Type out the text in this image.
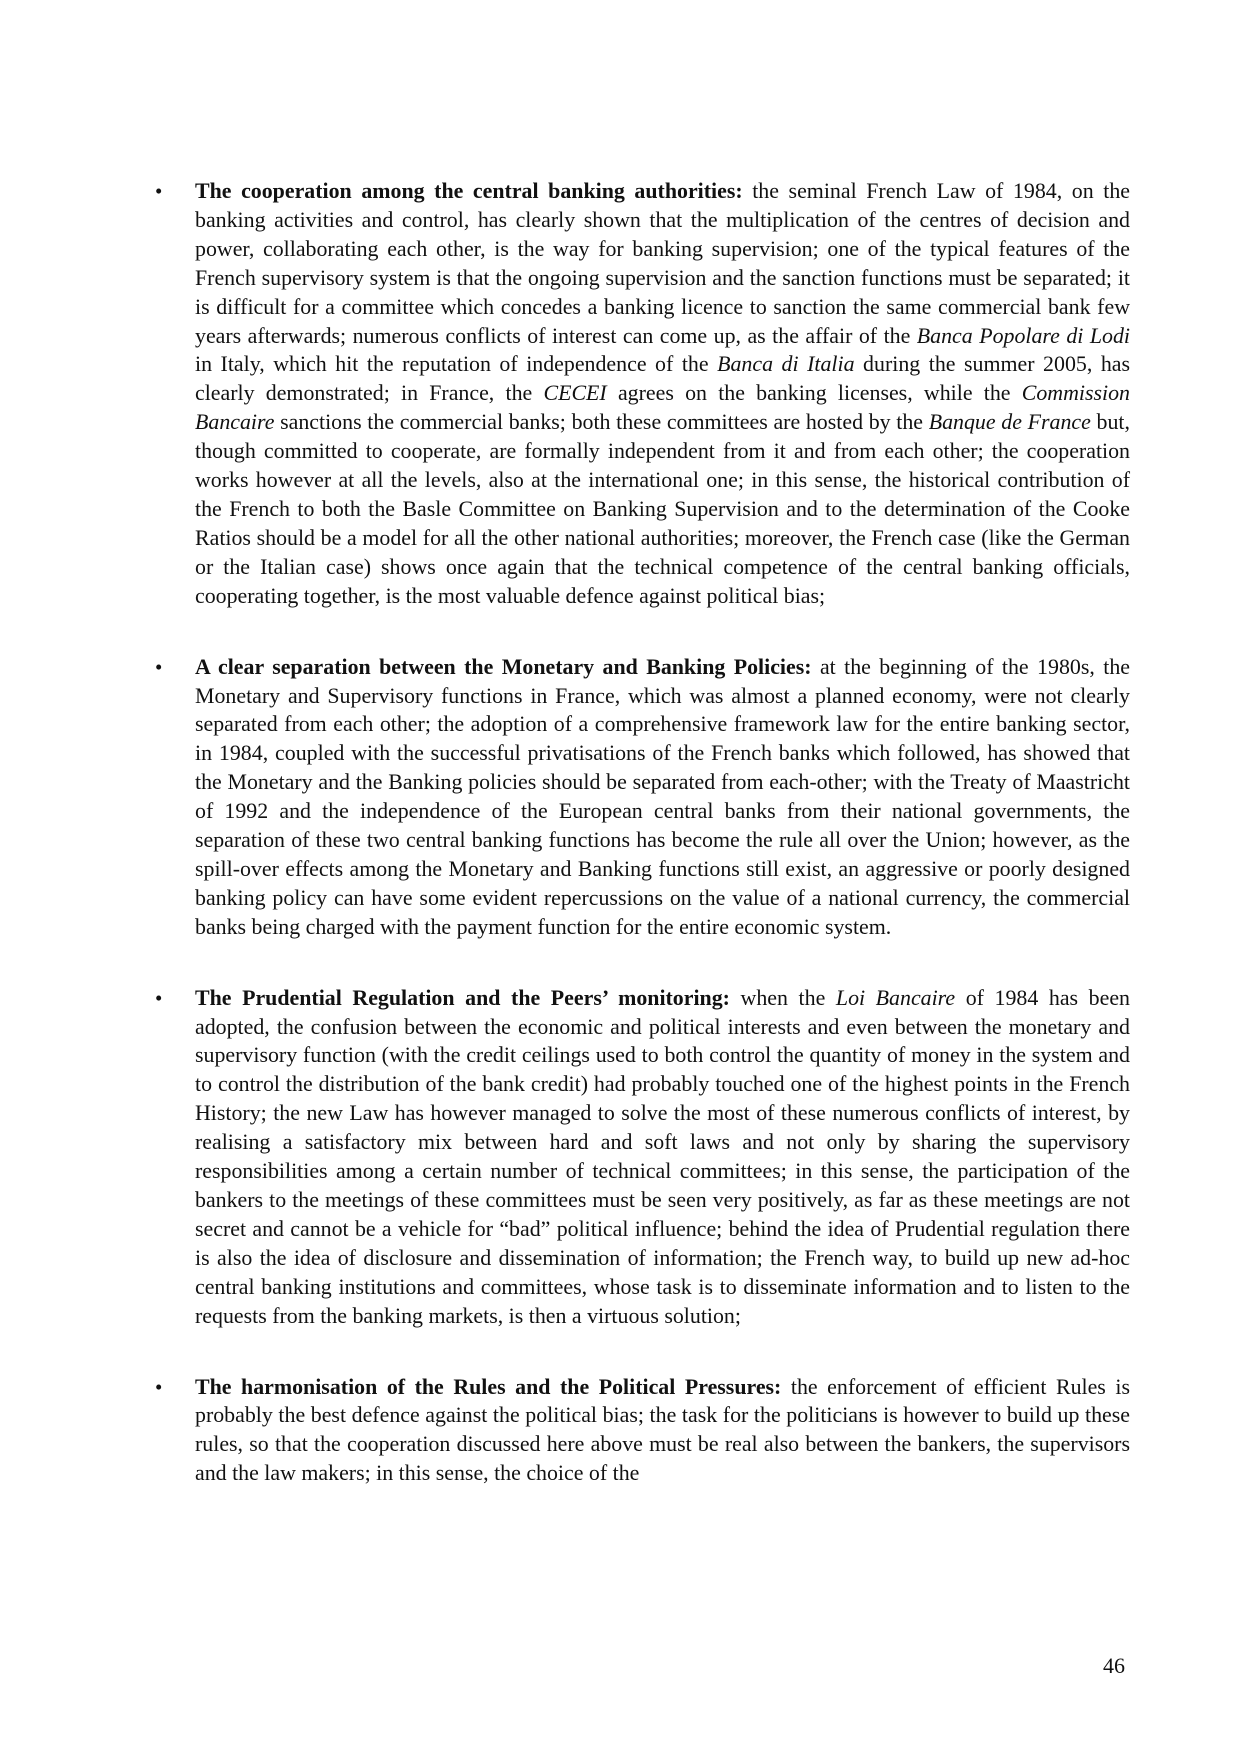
• The cooperation among the central banking authorities: the seminal French Law of 1984, on the banking activities and control, has clearly shown that the multiplication of the centres of decision and power, collaborating each other, is the way for banking supervision; one of the typical features of the French supervisory system is that the ongoing supervision and the sanction functions must be separated; it is difficult for a committee which concedes a banking licence to sanction the same commercial bank few years afterwards; numerous conflicts of interest can come up, as the affair of the Banca Popolare di Lodi in Italy, which hit the reputation of independence of the Banca di Italia during the summer 2005, has clearly demonstrated; in France, the CECEI agrees on the banking licenses, while the Commission Bancaire sanctions the commercial banks; both these committees are hosted by the Banque de France but, though committed to cooperate, are formally independent from it and from each other; the cooperation works however at all the levels, also at the international one; in this sense, the historical contribution of the French to both the Basle Committee on Banking Supervision and to the determination of the Cooke Ratios should be a model for all the other national authorities; moreover, the French case (like the German or the Italian case) shows once again that the technical competence of the central banking officials, cooperating together, is the most valuable defence against political bias;
• A clear separation between the Monetary and Banking Policies: at the beginning of the 1980s, the Monetary and Supervisory functions in France, which was almost a planned economy, were not clearly separated from each other; the adoption of a comprehensive framework law for the entire banking sector, in 1984, coupled with the successful privatisations of the French banks which followed, has showed that the Monetary and the Banking policies should be separated from each-other; with the Treaty of Maastricht of 1992 and the independence of the European central banks from their national governments, the separation of these two central banking functions has become the rule all over the Union; however, as the spill-over effects among the Monetary and Banking functions still exist, an aggressive or poorly designed banking policy can have some evident repercussions on the value of a national currency, the commercial banks being charged with the payment function for the entire economic system.
• The Prudential Regulation and the Peers’ monitoring: when the Loi Bancaire of 1984 has been adopted, the confusion between the economic and political interests and even between the monetary and supervisory function (with the credit ceilings used to both control the quantity of money in the system and to control the distribution of the bank credit) had probably touched one of the highest points in the French History; the new Law has however managed to solve the most of these numerous conflicts of interest, by realising a satisfactory mix between hard and soft laws and not only by sharing the supervisory responsibilities among a certain number of technical committees; in this sense, the participation of the bankers to the meetings of these committees must be seen very positively, as far as these meetings are not secret and cannot be a vehicle for “bad” political influence; behind the idea of Prudential regulation there is also the idea of disclosure and dissemination of information; the French way, to build up new ad-hoc central banking institutions and committees, whose task is to disseminate information and to listen to the requests from the banking markets, is then a virtuous solution;
• The harmonisation of the Rules and the Political Pressures: the enforcement of efficient Rules is probably the best defence against the political bias; the task for the politicians is however to build up these rules, so that the cooperation discussed here above must be real also between the bankers, the supervisors and the law makers; in this sense, the choice of the
46
